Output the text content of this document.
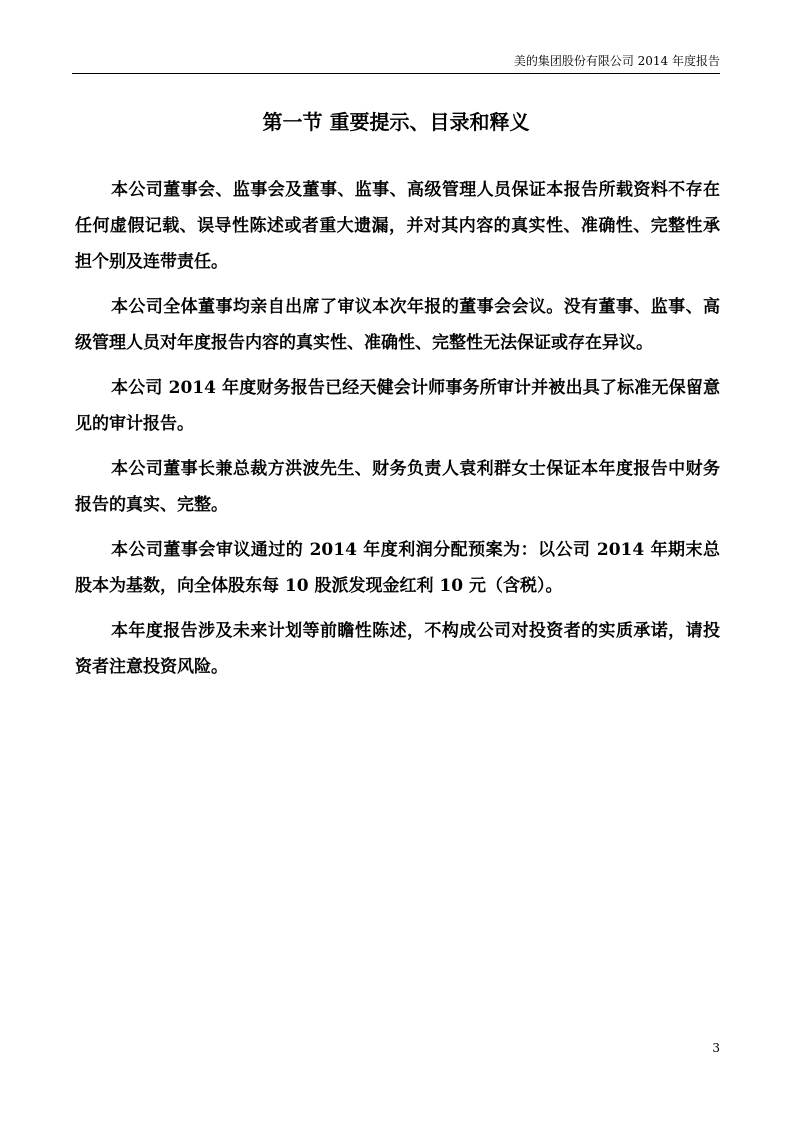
美的集团股份有限公司 2014 年度报告
第一节 重要提示、目录和释义

本公司董事会、监事会及董事、监事、高级管理人员保证本报告所载资料不存在任何虚假记载、误导性陈述或者重大遗漏，并对其内容的真实性、准确性、完整性承担个别及连带责任。

本公司全体董事均亲自出席了审议本次年报的董事会会议。没有董事、监事、高级管理人员对年度报告内容的真实性、准确性、完整性无法保证或存在异议。

本公司 2014 年度财务报告已经天健会计师事务所审计并被出具了标准无保留意见的审计报告。

本公司董事长兼总裁方洪波先生、财务负责人袁利群女士保证本年度报告中财务报告的真实、完整。

本公司董事会审议通过的 2014 年度利润分配预案为：以公司 2014 年期末总股本为基数，向全体股东每 10 股派发现金红利 10 元（含税）。

本年度报告涉及未来计划等前瞻性陈述，不构成公司对投资者的实质承诺，请投资者注意投资风险。

3
